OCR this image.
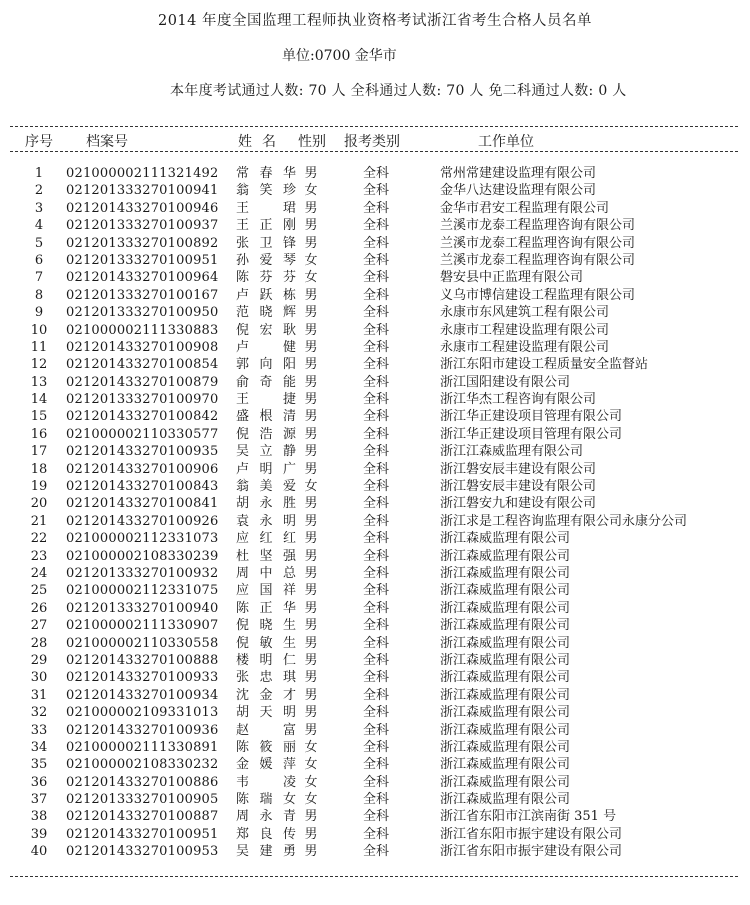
2014 年度全国监理工程师执业资格考试浙江省考生合格人员名单
单位:0700 金华市
本年度考试通过人数: 70 人 全科通过人数: 70 人 免二科通过人数: 0 人
序号 档案号	姓名 性别 报考类别	工作单位
1	021000002111321492 常春华 男	全科	常州常建建设监理有限公司
2	021201333270100941 翁笑珍 女	全科	金华八达建设监理有限公司
3	021201433270100946 王珺 男	全科	金华市君安工程监理有限公司
4	021201333270100937 王正刚 男	全科	兰溪市龙泰工程监理咨询有限公司
5	021201333270100892 张卫锋 男	全科	兰溪市龙泰工程监理咨询有限公司
6	021201333270100951 孙爱琴 女	全科	兰溪市龙泰工程监理咨询有限公司
7	021201433270100964 陈芬芬 女	全科	磐安县中正监理有限公司
8	021201333270100167 卢跃栋 男	全科	义乌市博信建设工程监理有限公司
9	021201333270100950 范晓辉 男	全科	永康市东风建筑工程有限公司
10 021000002111330883 倪宏耿 男	全科	永康市工程建设监理有限公司
11 021201433270100908 卢健 男	全科	永康市工程建设监理有限公司
12 021201433270100854 郭向阳 男	全科	浙江东阳市建设工程质量安全监督站
13 021201433270100879 俞奇能 男	全科	浙江国阳建设有限公司
14 021201333270100970 王捷 男	全科	浙江华杰工程咨询有限公司
15 021201433270100842 盛根清 男	全科	浙江华正建设项目管理有限公司
16 021000002110330577 倪浩源 男	全科	浙江华正建设项目管理有限公司
17 021201433270100935 吴立静 男	全科	浙江江森威监理有限公司
18 021201433270100906 卢明广 男	全科	浙江磐安辰丰建设有限公司
19 021201433270100843 翁美爱 女	全科	浙江磐安辰丰建设有限公司
20 021201433270100841 胡永胜 男	全科	浙江磐安九和建设有限公司
21 021201433270100926 袁永明 男	全科	浙江求是工程咨询监理有限公司永康分公司
22 021000002112331073 应红红 男	全科	浙江森威监理有限公司
23 021000002108330239 杜坚强 男	全科	浙江森威监理有限公司
24 021201333270100932 周中总 男	全科	浙江森威监理有限公司
25 021000002112331075 应国祥 男	全科	浙江森威监理有限公司
26 021201333270100940 陈正华 男	全科	浙江森威监理有限公司
27 021000002111330907 倪晓生 男	全科	浙江森威监理有限公司
28 021000002110330558 倪敏生 男	全科	浙江森威监理有限公司
29 021201433270100888 楼明仁 男	全科	浙江森威监理有限公司
30 021201433270100933 张忠琪 男	全科	浙江森威监理有限公司
31 021201433270100934 沈金才 男	全科	浙江森威监理有限公司
32 021000002109331013 胡天明 男	全科	浙江森威监理有限公司
33 021201433270100936 赵富 男	全科	浙江森威监理有限公司
34 021000002111330891 陈筱丽 女	全科	浙江森威监理有限公司
35 021000002108330232 金媛萍 女	全科	浙江森威监理有限公司
36 021201433270100886 韦凌 女	全科	浙江森威监理有限公司
37 021201333270100905 陈瑞女 女	全科	浙江森威监理有限公司
38 021201433270100887 周永青 男	全科	浙江省东阳市江滨南街 351 号
39 021201433270100951 郑良传 男	全科	浙江省东阳市振宇建设有限公司
40 021201433270100953 吴建勇 男	全科	浙江省东阳市振宇建设有限公司
